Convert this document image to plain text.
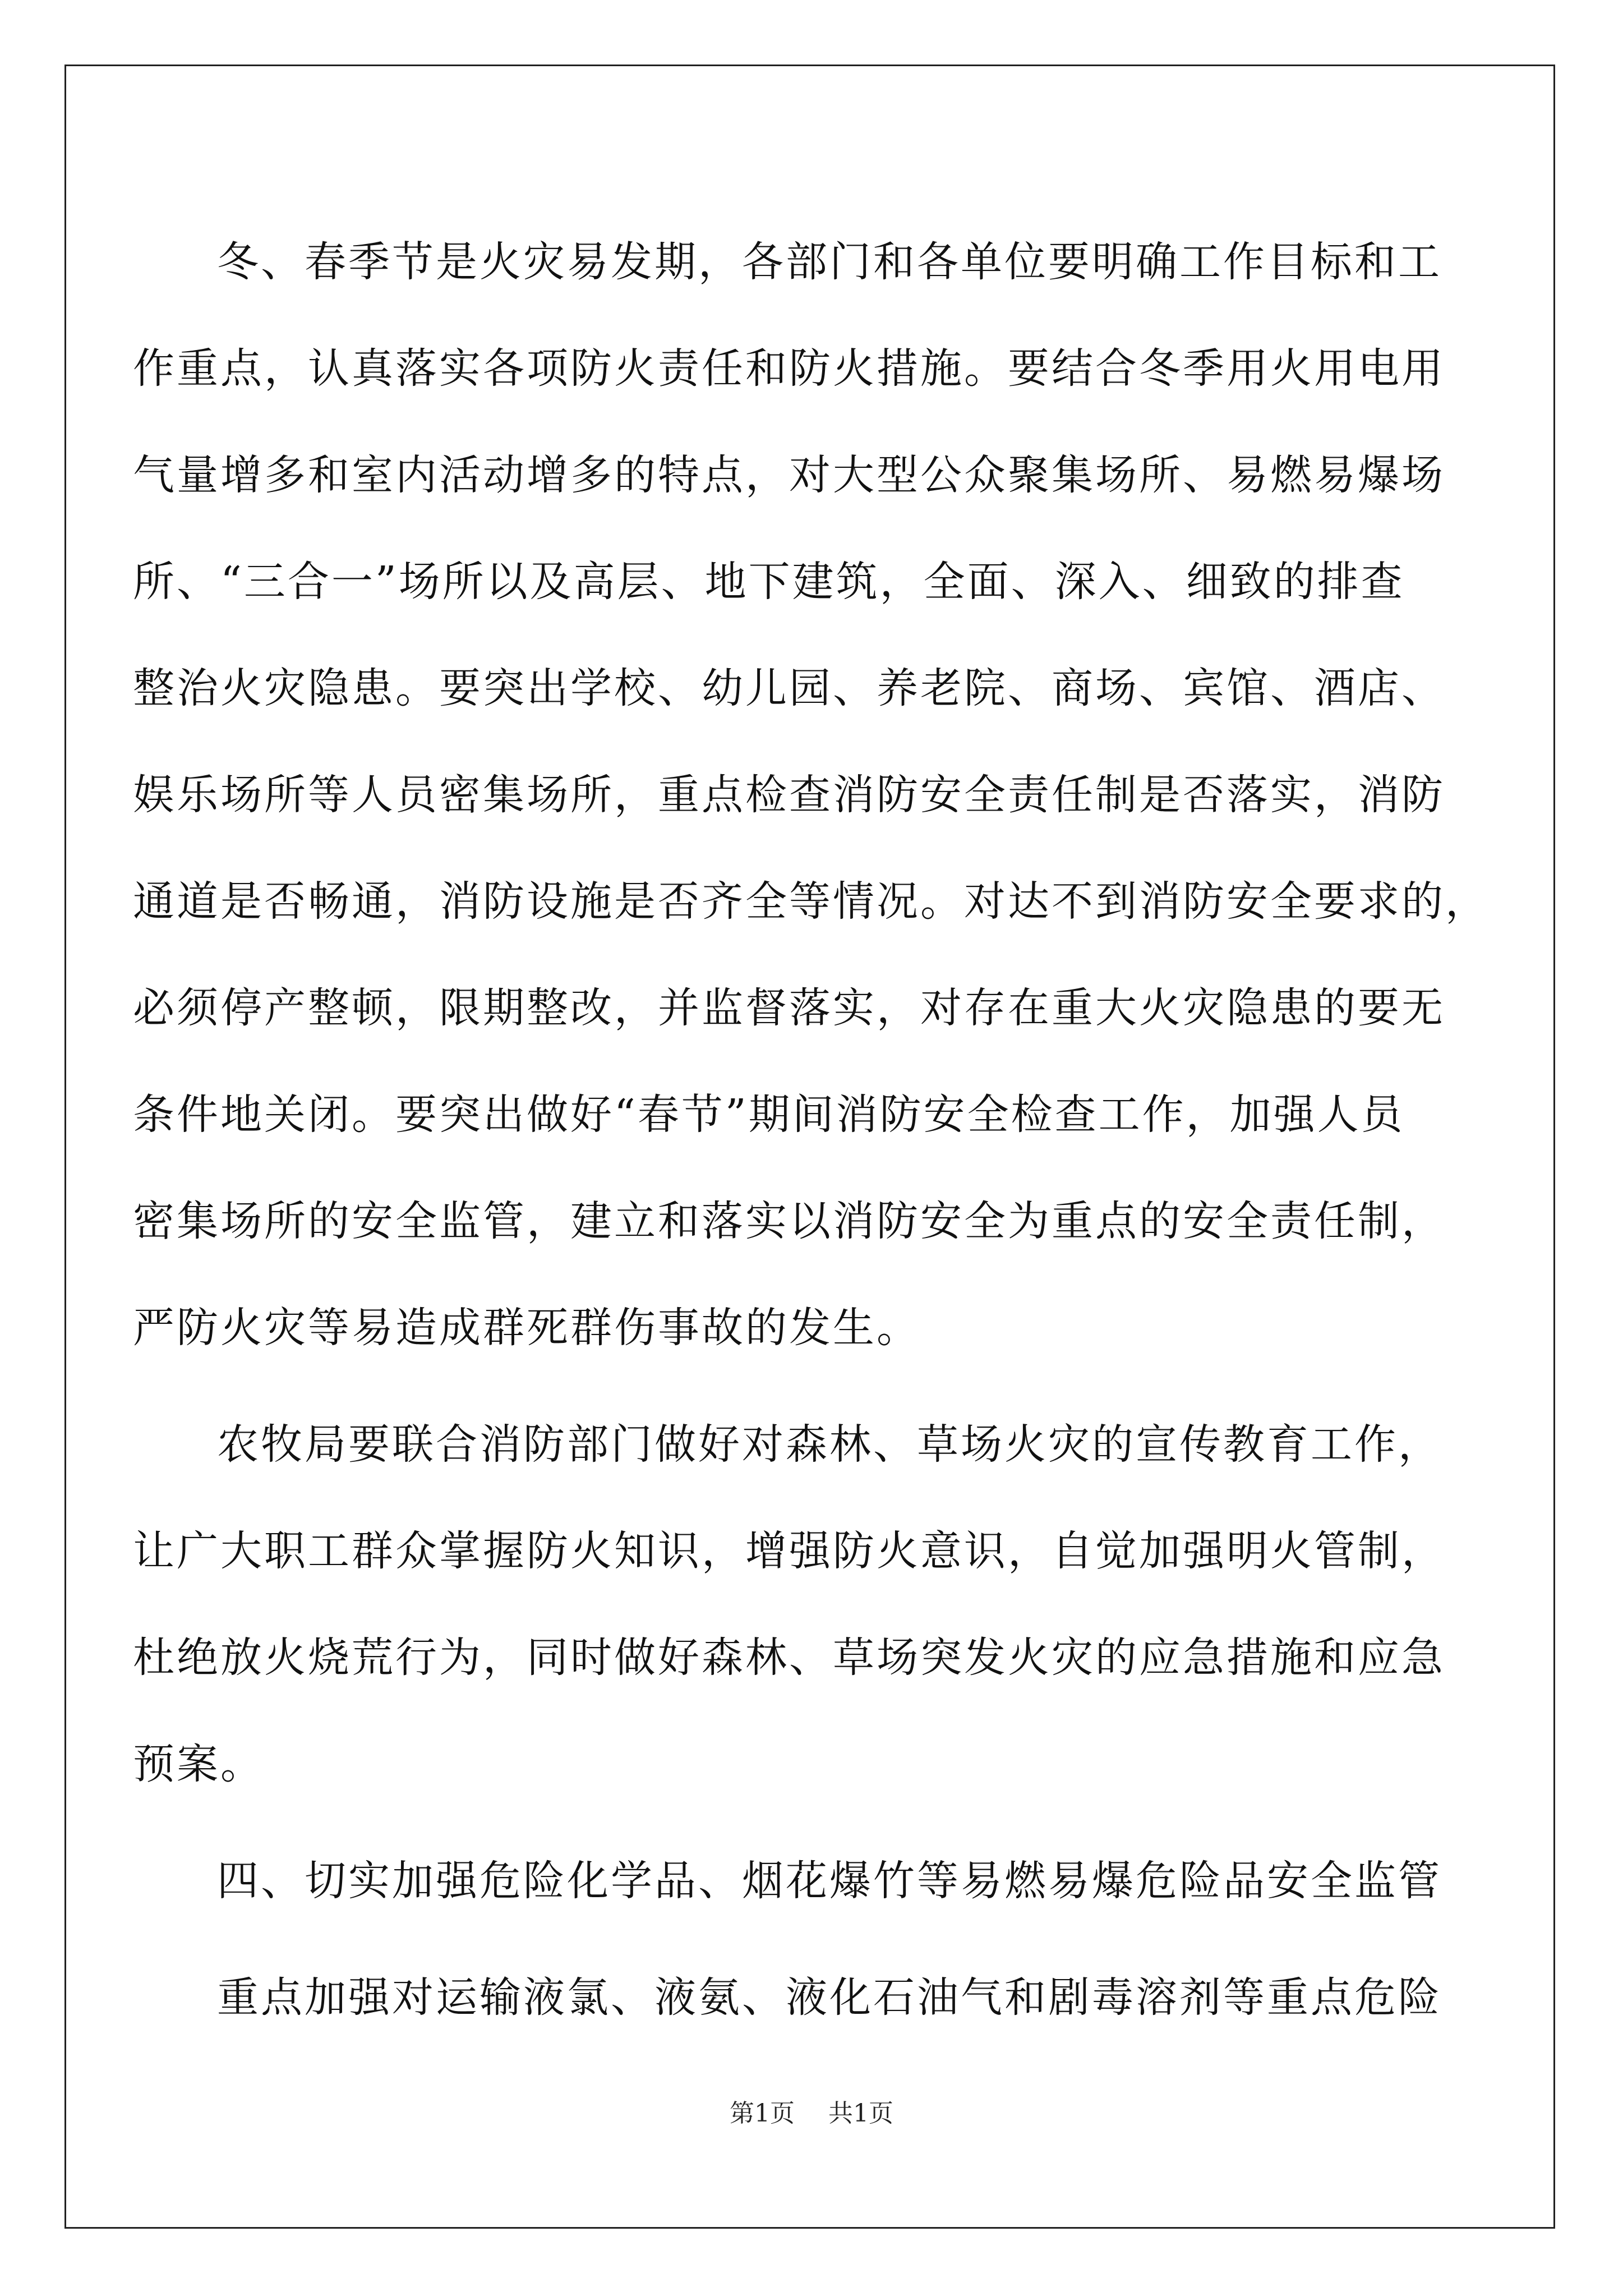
冬、春季节是火灾易发期，各部门和各单位要明确工作目标和工
作重点，认真落实各项防火责任和防火措施。要结合冬季用火用电用
气量增多和室内活动增多的特点，对大型公众聚集场所、易燃易爆场
所、“三合一”场所以及高层、地下建筑，全面、深入、细致的排查
整治火灾隐患。要突出学校、幼儿园、养老院、商场、宾馆、酒店、
娱乐场所等人员密集场所，重点检查消防安全责任制是否落实，消防
通道是否畅通，消防设施是否齐全等情况。对达不到消防安全要求的，
必须停产整顿，限期整改，并监督落实，对存在重大火灾隐患的要无
条件地关闭。要突出做好“春节”期间消防安全检查工作，加强人员
密集场所的安全监管，建立和落实以消防安全为重点的安全责任制，
严防火灾等易造成群死群伤事故的发生。
农牧局要联合消防部门做好对森林、草场火灾的宣传教育工作，
让广大职工群众掌握防火知识，增强防火意识，自觉加强明火管制，
杜绝放火烧荒行为，同时做好森林、草场突发火灾的应急措施和应急
预案。
四、切实加强危险化学品、烟花爆竹等易燃易爆危险品安全监管
重点加强对运输液氯、液氨、液化石油气和剧毒溶剂等重点危险
第1页 共1页
